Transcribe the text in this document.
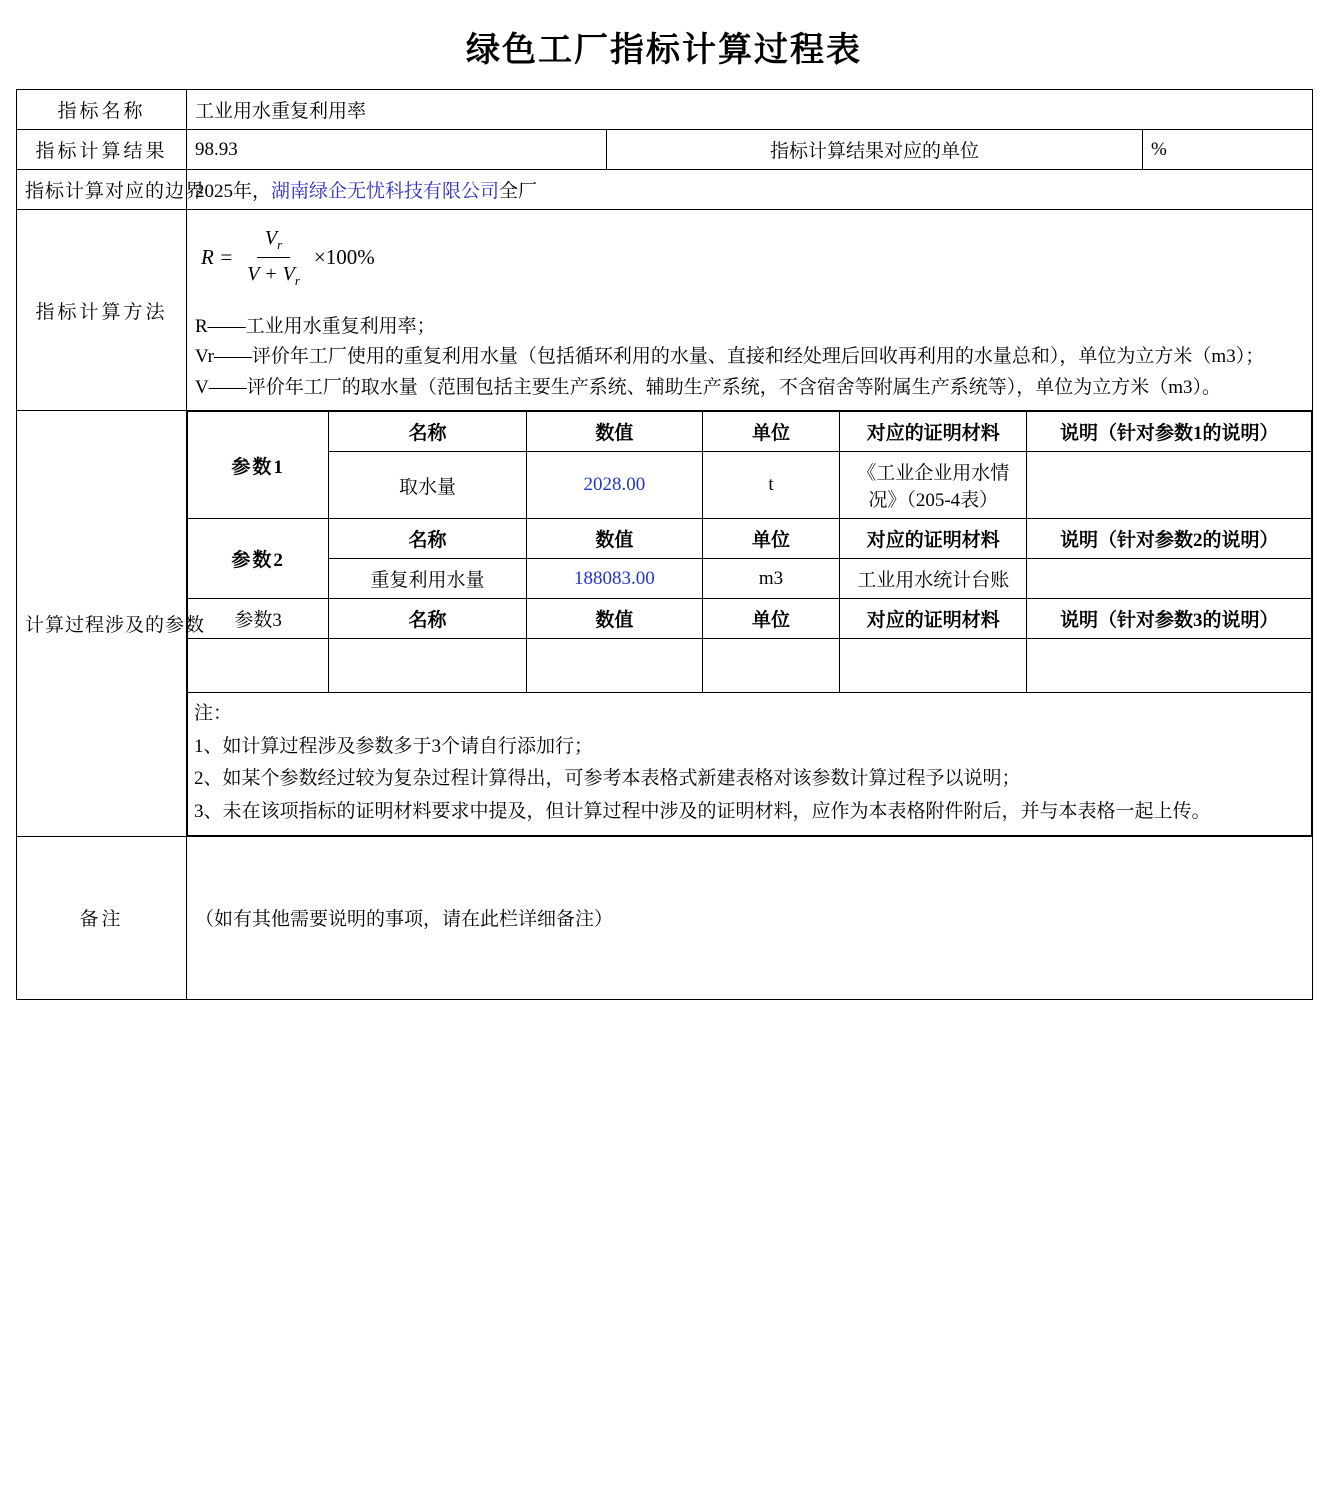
绿色工厂指标计算过程表
指标名称	工业用水重复利用率
指标计算结果	98.93	指标计算结果对应的单位	%
指标计算对应的边界	2025年，湖南绿企无忧科技有限公司全厂
指标计算方法	
$R = \frac{V_r}{V + V_r} \times 100\%$

R——工业用水重复利用率；

Vr——评价年工厂使用的重复利用水量（包括循环利用的水量、直接和经处理后回收再利用的水量总和），单位为立方米（m3）；

V——评价年工厂的取水量（范围包括主要生产系统、辅助生产系统，不含宿舍等附属生产系统等），单位为立方米（m3）。

计算过程涉及的参数	
参数1	名称	数值	单位	对应的证明材料	说明（针对参数1的说明）
取水量	2028.00	t	《工业企业用水情况》（205-4表）	
参数2	名称	数值	单位	对应的证明材料	说明（针对参数2的说明）
重复利用水量	188083.00	m3	工业用水统计台账	
参数3	名称	数值	单位	对应的证明材料	说明（针对参数3的说明）

注：

1、如计算过程涉及参数多于3个请自行添加行；

2、如某个参数经过较为复杂过程计算得出，可参考本表格式新建表格对该参数计算过程予以说明；

3、未在该项指标的证明材料要求中提及，但计算过程中涉及的证明材料，应作为本表格附件附后，并与本表格一起上传。

备注	（如有其他需要说明的事项，请在此栏详细备注）
